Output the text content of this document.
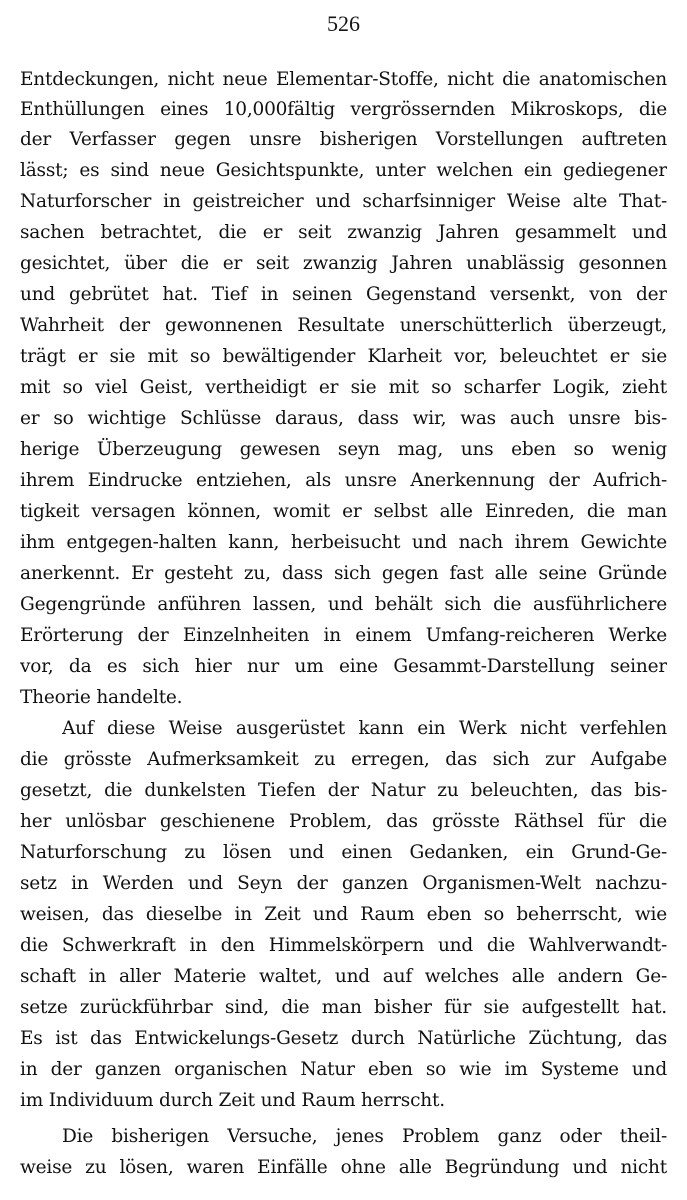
526
Entdeckungen, nicht neue Elementar-Stoffe, nicht die anatomischen
Enthüllungen eines 10,000fältig vergrössernden Mikroskops, die
der Verfasser gegen unsre bisherigen Vorstellungen auftreten
lässt; es sind neue Gesichtspunkte, unter welchen ein gediegener
Naturforscher in geistreicher und scharfsinniger Weise alte That-
sachen betrachtet, die er seit zwanzig Jahren gesammelt und
gesichtet, über die er seit zwanzig Jahren unablässig gesonnen
und gebrütet hat. Tief in seinen Gegenstand versenkt, von der
Wahrheit der gewonnenen Resultate unerschütterlich überzeugt,
trägt er sie mit so bewältigender Klarheit vor, beleuchtet er sie
mit so viel Geist, vertheidigt er sie mit so scharfer Logik, zieht
er so wichtige Schlüsse daraus, dass wir, was auch unsre bis-
herige Überzeugung gewesen seyn mag, uns eben so wenig
ihrem Eindrucke entziehen, als unsre Anerkennung der Aufrich-
tigkeit versagen können, womit er selbst alle Einreden, die man
ihm entgegen-halten kann, herbeisucht und nach ihrem Gewichte
anerkennt. Er gesteht zu, dass sich gegen fast alle seine Gründe
Gegengründe anführen lassen, und behält sich die ausführlichere
Erörterung der Einzelnheiten in einem Umfang-reicheren Werke
vor, da es sich hier nur um eine Gesammt-Darstellung seiner
Theorie handelte.
Auf diese Weise ausgerüstet kann ein Werk nicht verfehlen
die grösste Aufmerksamkeit zu erregen, das sich zur Aufgabe
gesetzt, die dunkelsten Tiefen der Natur zu beleuchten, das bis-
her unlösbar geschienene Problem, das grösste Räthsel für die
Naturforschung zu lösen und einen Gedanken, ein Grund-Ge-
setz in Werden und Seyn der ganzen Organismen-Welt nachzu-
weisen, das dieselbe in Zeit und Raum eben so beherrscht, wie
die Schwerkraft in den Himmelskörpern und die Wahlverwandt-
schaft in aller Materie waltet, und auf welches alle andern Ge-
setze zurückführbar sind, die man bisher für sie aufgestellt hat.
Es ist das Entwickelungs-Gesetz durch Natürliche Züchtung, das
in der ganzen organischen Natur eben so wie im Systeme und
im Individuum durch Zeit und Raum herrscht.
Die bisherigen Versuche, jenes Problem ganz oder theil-
weise zu lösen, waren Einfälle ohne alle Begründung und nicht
